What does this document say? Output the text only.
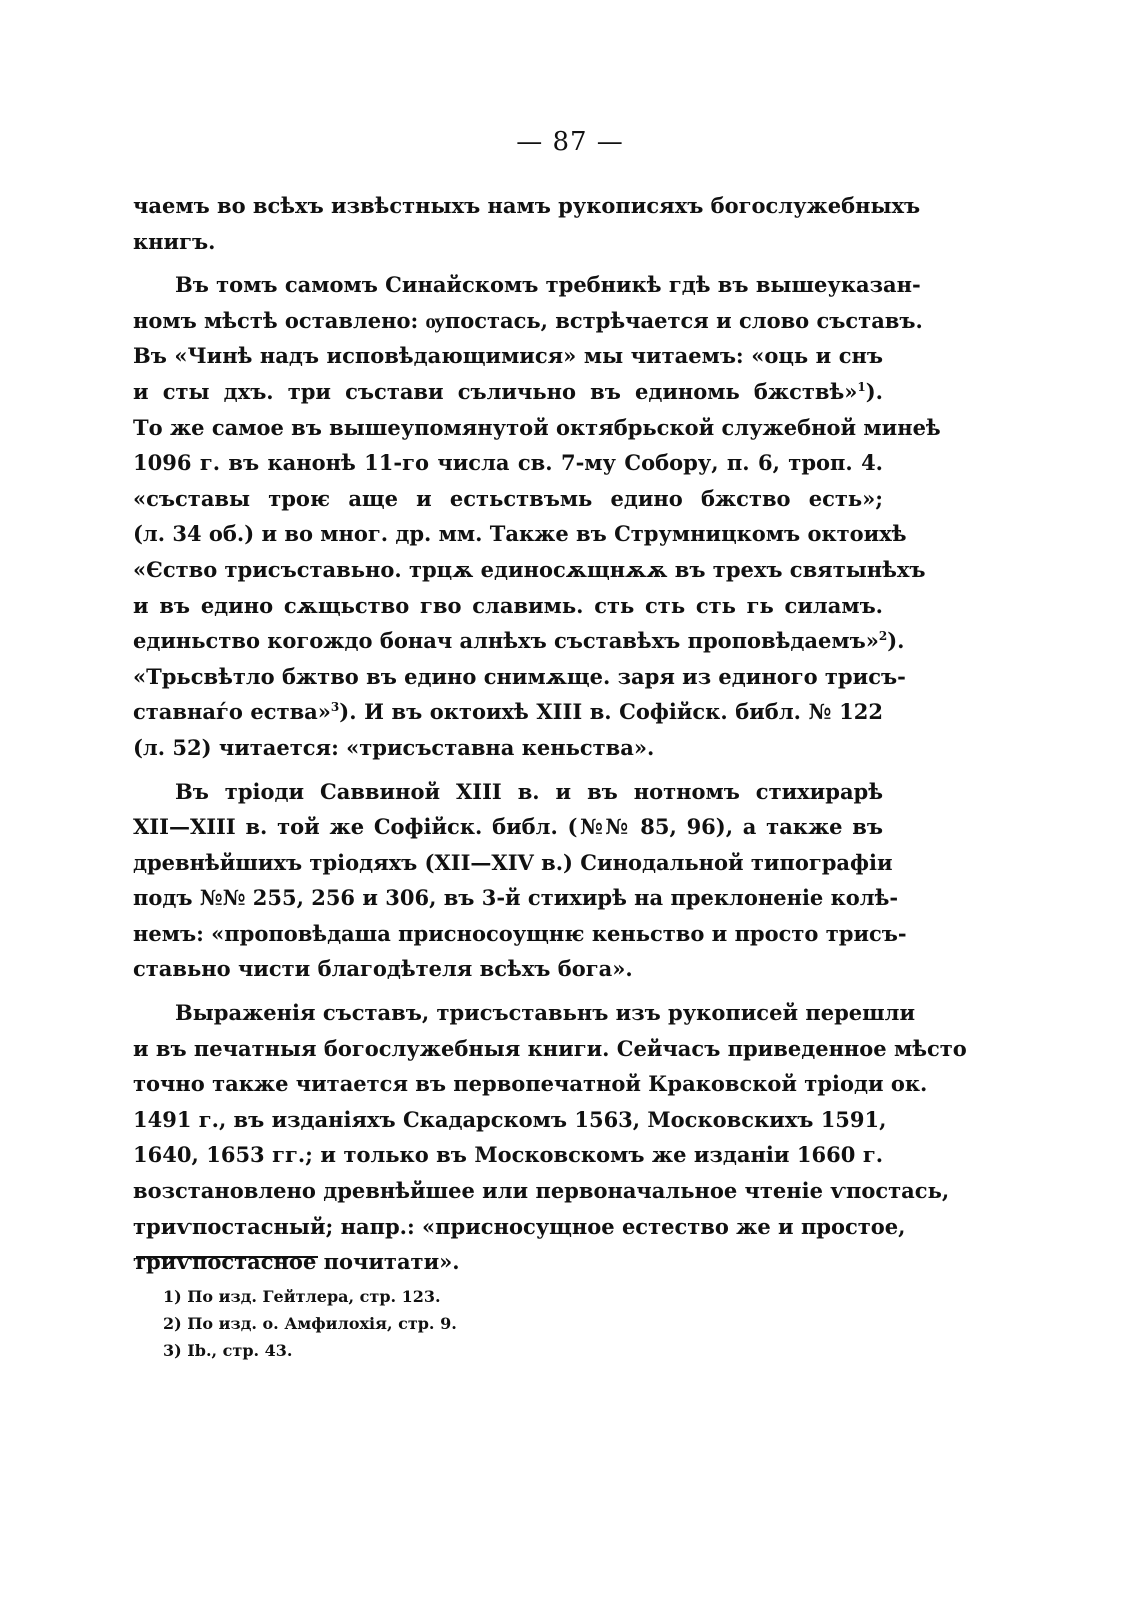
— 87 —
чаемъ во всѣхъ извѣстныхъ намъ рукописяхъ богослужебныхъ
книгъ.
Въ томъ самомъ Синайскомъ требникѣ гдѣ въ вышеуказан-
номъ мѣстѣ оставлено: ѹпостась, встрѣчается и слово съставъ.
Въ «Чинѣ надъ исповѣдающимися» мы читаемъ: «оць и снъ
и сты дхъ. три състави съличьно въ единомь бжствѣ»$^1$).
То же самое въ вышеупомянутой октябрьской служебной минеѣ
1096 г. въ канонѣ 11-го числа св. 7-му Собору, п. 6, троп. 4.
«съставы троѥ аще и естьствъмь едино бжство есть»;
(л. 34 об.) и во мног. др. мм. Также въ Струмницкомъ октоихѣ
«Єство трисъставьно. трцѫ единосѫщнѫѫ въ трехъ святынѣхъ
и въ едино сѫщьство гво славимь. сть сть сть гь силамъ.
единьство когождо бонач алнѣхъ съставѣхъ проповѣдаемъ»$^2$).
«Трьсвѣтло бжтво въ едино снимѫще. заря из единого трисъ-
ставнаѓо ества»$^3$). И въ октоихѣ XIII в. Софійск. библ. № 122
(л. 52) читается: «трисъставна кеньства».
Въ тріоди Саввиной XIII в. и въ нотномъ стихирарѣ
XII—XIII в. той же Софійск. библ. (№№ 85, 96), а также въ
древнѣйшихъ тріодяхъ (XII—XIV в.) Синодальной типографіи
подъ №№ 255, 256 и 306, въ 3-й стихирѣ на преклоненіе колѣ-
немъ: «проповѣдаша присносоущнѥ кеньство и просто трисъ-
ставьно чисти благодѣтеля всѣхъ бога».
Выраженія съставъ, трисъставьнъ изъ рукописей перешли
и въ печатныя богослужебныя книги. Сейчасъ приведенное мѣсто
точно также читается въ первопечатной Краковской тріоди ок.
1491 г., въ изданіяхъ Скадарскомъ 1563, Московскихъ 1591,
1640, 1653 гг.; и только въ Московскомъ же изданіи 1660 г.
возстановлено древнѣйшее или первоначальное чтеніе ѵпостась,
триѵпостасный; напр.: «присносущное естество же и простое,
триѵпостасное почитати».
1) По изд. Гейтлера, стр. 123.
2) По изд. о. Амфилохія, стр. 9.
3) Ib., стр. 43.
